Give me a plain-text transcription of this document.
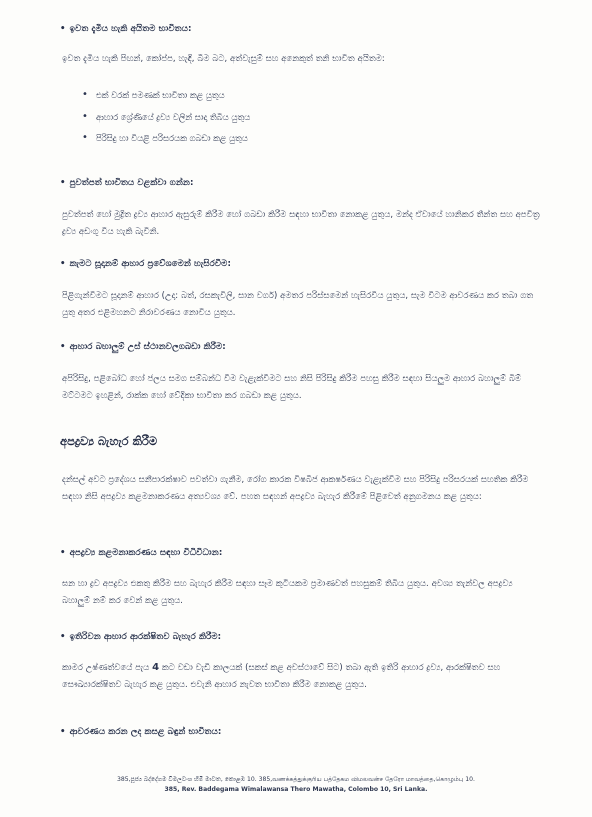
• ඉවත දැමිය හැකි අයිතම භාවිතය:
ඉවත දැමිය හැකි පිඟන්, කෝප්ප, හැඳි, බීම බට, අත්වැසුම් සහ අනෙකුත් තනි භාවිත අයිතම:
• එක් වරක් පමණක් භාවිතා කළ යුතුය
• ආහාර ශ්‍රේණියේ ද්‍රව්‍ය වලින් සාදා තිබිය යුතුය
• පිරිසිදු හා වියළි පරිසරයක ගබඩා කළ යුතුය
• පුවත්පත් භාවිතය වළක්වා ගන්න:
පුවත්පත් හෝ මුද්‍රිත ද්‍රව්‍ය ආහාර ඇසුරුම් කිරීම හෝ ගබඩා කිරීම සඳහා භාවිතා නොකළ යුතුය, මන්ද ඒවායේ හානිකර තීන්ත සහ අපවිත්‍ර ද්‍රව්‍ය අඩංගු විය හැකි බැවිනි.
• කැමට සූදානම් ආහාර ප්‍රවේශමෙන් හැසිරවීම:
පිළිගැන්වීමට සූදානම් ආහාර (උදා: බත්, රසකැවිලි, සාන වර්ග) අමතර පරිස්සමෙන් හැසිරවිය යුතුය, සැම විටම ආවරණය කර තබා ගත යුතු අතර එළිමහනට නිරාවරණය නොවිය යුතුය.
• ආහාර බහාලුම් උස් ස්ථානවලගබඩා කිරීම:
අපිරිසිදු, පළිබෝධ හෝ ජලය සමග සම්බන්ධ වීම වැළැක්වීමට සහ නිසි පිරිසිදු කිරීම පහසු කිරීම සඳහා සියලුම ආහාර බහාලුම් බිම් මට්ටමට ඉහළින්, රාක්ක හෝ වේදිකා භාවිතා කර ගබඩා කළ යුතුය.
අපද්‍රව්‍ය බැහැර කිරීම
දන්සල් අවට ප්‍රදේශය සනීපාරක්ෂාව පවත්වා ගැනීම, රෝග කාරක විෂබීජ ආකර්ෂණය වැළැක්වීම සහ පිරිසිදු පරිසරයක් සහතික කිරීම සඳහා නිසි අපද්‍රව්‍ය කළමනාකරණය අත්‍යවශ්‍ය වේ. පහත සඳහන් අපද්‍රව්‍ය බැහැර කිරීමේ පිළිවෙත් අනුගමනය කළ යුතුය:
• අපද්‍රව්‍ය කළමනාකරණය සඳහා විධිවිධාන:
ඝන හා ද්‍රව අපද්‍රව්‍ය එකතු කිරීම සහ බැහැර කිරීම සඳහා සෑම කුටියකම ප්‍රමාණවත් පහසුකම් තිබිය යුතුය. අවශ්‍ය තැන්වල අපද්‍රව්‍ය බහාලුම් නම් කර වෙන් කළ යුතුය.
• ඉතිරිවන ආහාර ආරක්ෂිතව බැහැර කිරීම:
කාමර උෂ්ණත්වයේ පැය 4 කට වඩා වැඩි කාලයක් (සකස් කළ අවස්ථාවේ සිට) තබා ඇති ඉතිරි ආහාර ද්‍රව්‍ය, ආරක්ෂිතව සහ සෞඛ්‍යාරක්ෂිතව බැහැර කළ යුතුය. එවැනි ආහාර නැවත භාවිතා කිරීම නොකළ යුතුය.
• ආවරණය කරන ලද කසළ බඳුන් භාවිතය:
385,පූජ්‍ය බද්දේගම විමලවංශ හිමි මාවත, කොළඹ 10. 385,வணக்கத்துக்குரிய பத்தேகம விமலவன்ச தேரோ மாவத்தை,கொழும்பு 10.
385, Rev. Baddegama Wimalawansa Thero Mawatha, Colombo 10, Sri Lanka.
